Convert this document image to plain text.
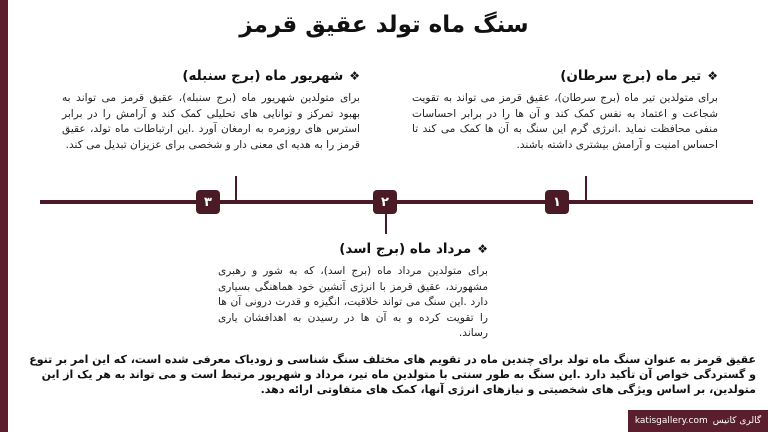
سنگ ماه تولد عقیق قرمز
❖تیر ماه (برج سرطان)

برای متولدین تیر ماه (برج سرطان)، عقیق قرمز می تواند به تقویت شجاعت و اعتماد به نفس کمک کند و آن ها را در برابر احساسات منفی محافظت نماید .انرژی گرم این سنگ به آن ها کمک می کند تا احساس امنیت و آرامش بیشتری داشته باشند.

❖شهریور ماه (برج سنبله)

برای متولدین شهریور ماه (برج سنبله)، عقیق قرمز می تواند به بهبود تمرکز و توانایی های تحلیلی کمک کند و آرامش را در برابر استرس های روزمره به ارمغان آورد .این ارتباطات ماه تولد، عقیق قرمز را به هدیه ای معنی دار و شخصی برای عزیزان تبدیل می کند.

❖مرداد ماه (برج اسد)

برای متولدین مرداد ماه (برج اسد)، که به شور و رهبری مشهورند، عقیق قرمز با انرژی آتشین خود هماهنگی بسیاری دارد .این سنگ می تواند خلاقیت، انگیزه و قدرت درونی آن ها را تقویت کرده و به آن ها در رسیدن به اهدافشان یاری رساند.

۱
۲
۳
عقیق قرمز به عنوان سنگ ماه تولد برای چندین ماه در تقویم های مختلف سنگ شناسی و زودیاک معرفی شده است، که این امر بر تنوع و گستردگی خواص آن تأکید دارد .این سنگ به طور سنتی با متولدین ماه تیر، مرداد و شهریور مرتبط است و می تواند به هر یک از این متولدین، بر اساس ویژگی های شخصیتی و نیازهای انرژی آنها، کمک های متفاوتی ارائه دهد.
katisgallery.com گالری کاتیس
